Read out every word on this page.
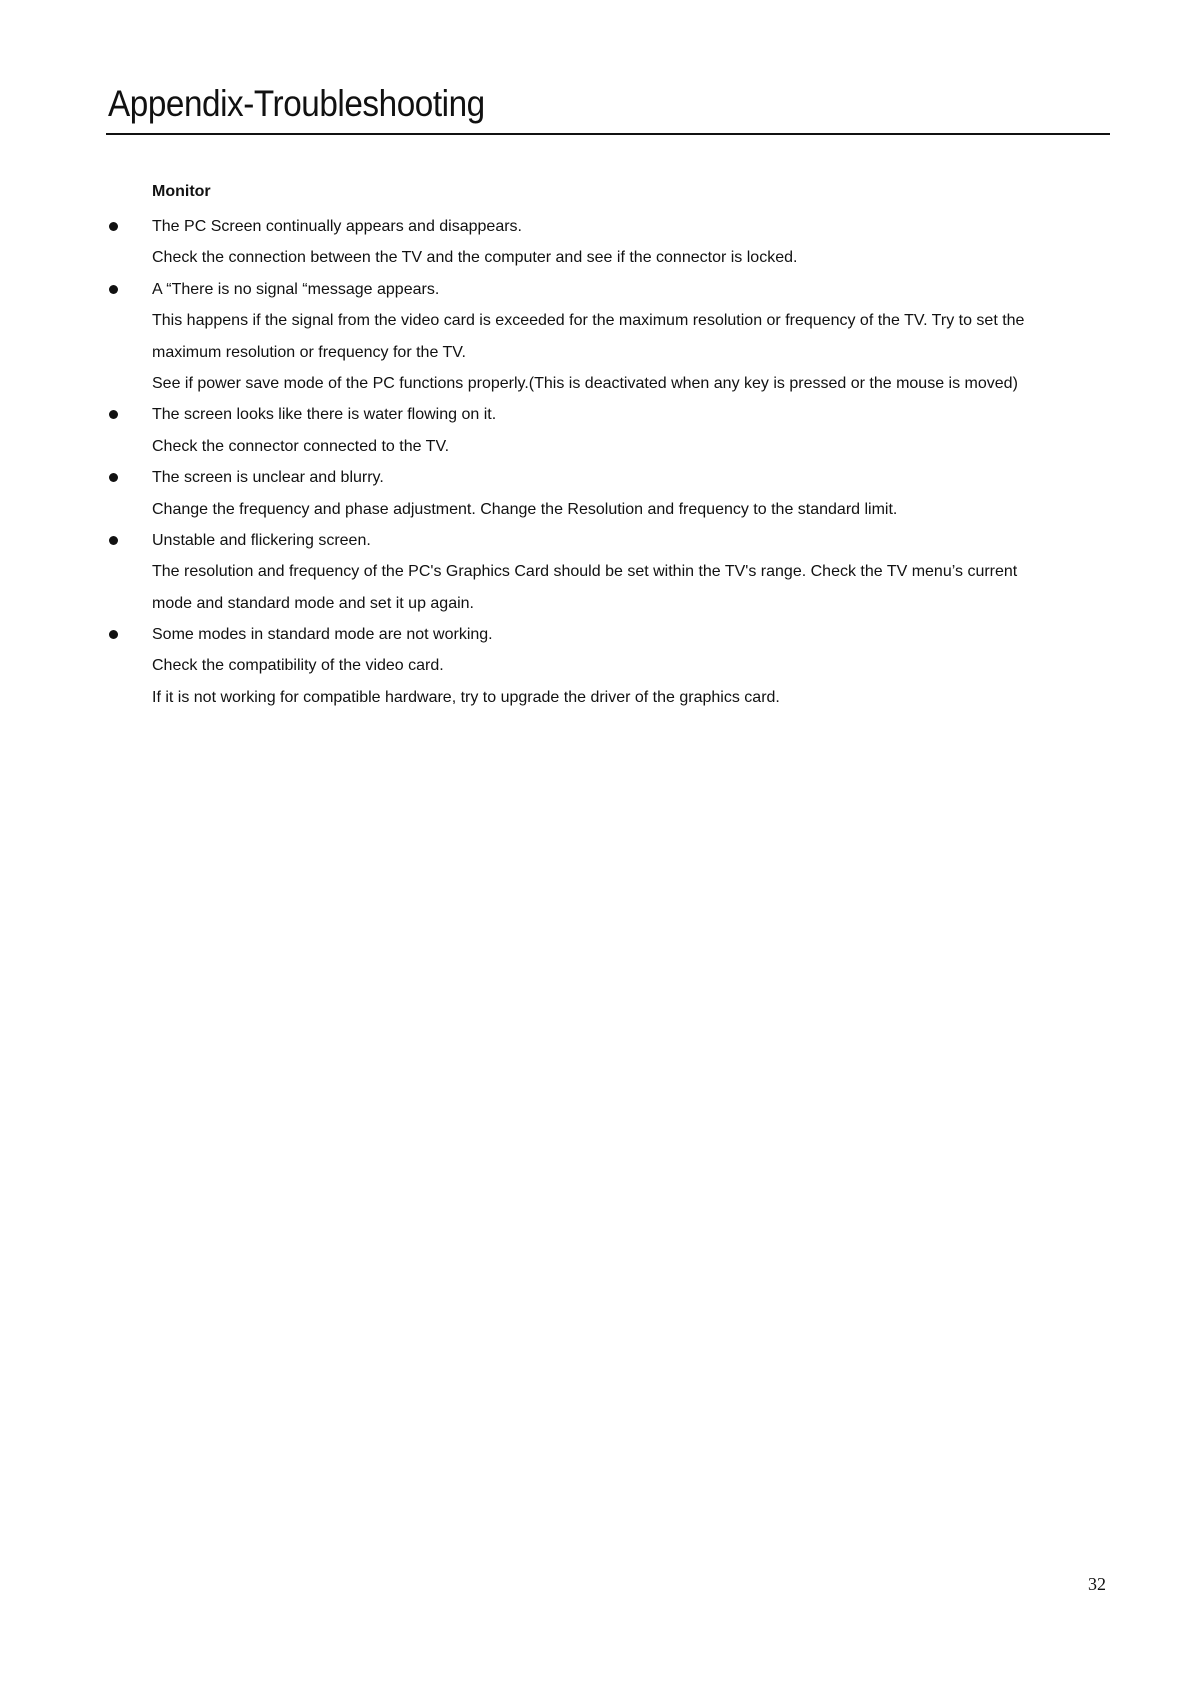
Appendix-Troubleshooting
Monitor
The PC Screen continually appears and disappears.
Check the connection between the TV and the computer and see if the connector is locked.
A “There is no signal “message appears.
This happens if the signal from the video card is exceeded for the maximum resolution or frequency of the TV. Try to set the
maximum resolution or frequency for the TV.
See if power save mode of the PC functions properly.(This is deactivated when any key is pressed or the mouse is moved)
The screen looks like there is water flowing on it.
Check the connector connected to the TV.
The screen is unclear and blurry.
Change the frequency and phase adjustment. Change the Resolution and frequency to the standard limit.
Unstable and flickering screen.
The resolution and frequency of the PC's Graphics Card should be set within the TV's range. Check the TV menu’s current
mode and standard mode and set it up again.
Some modes in standard mode are not working.
Check the compatibility of the video card.
If it is not working for compatible hardware, try to upgrade the driver of the graphics card.
32
